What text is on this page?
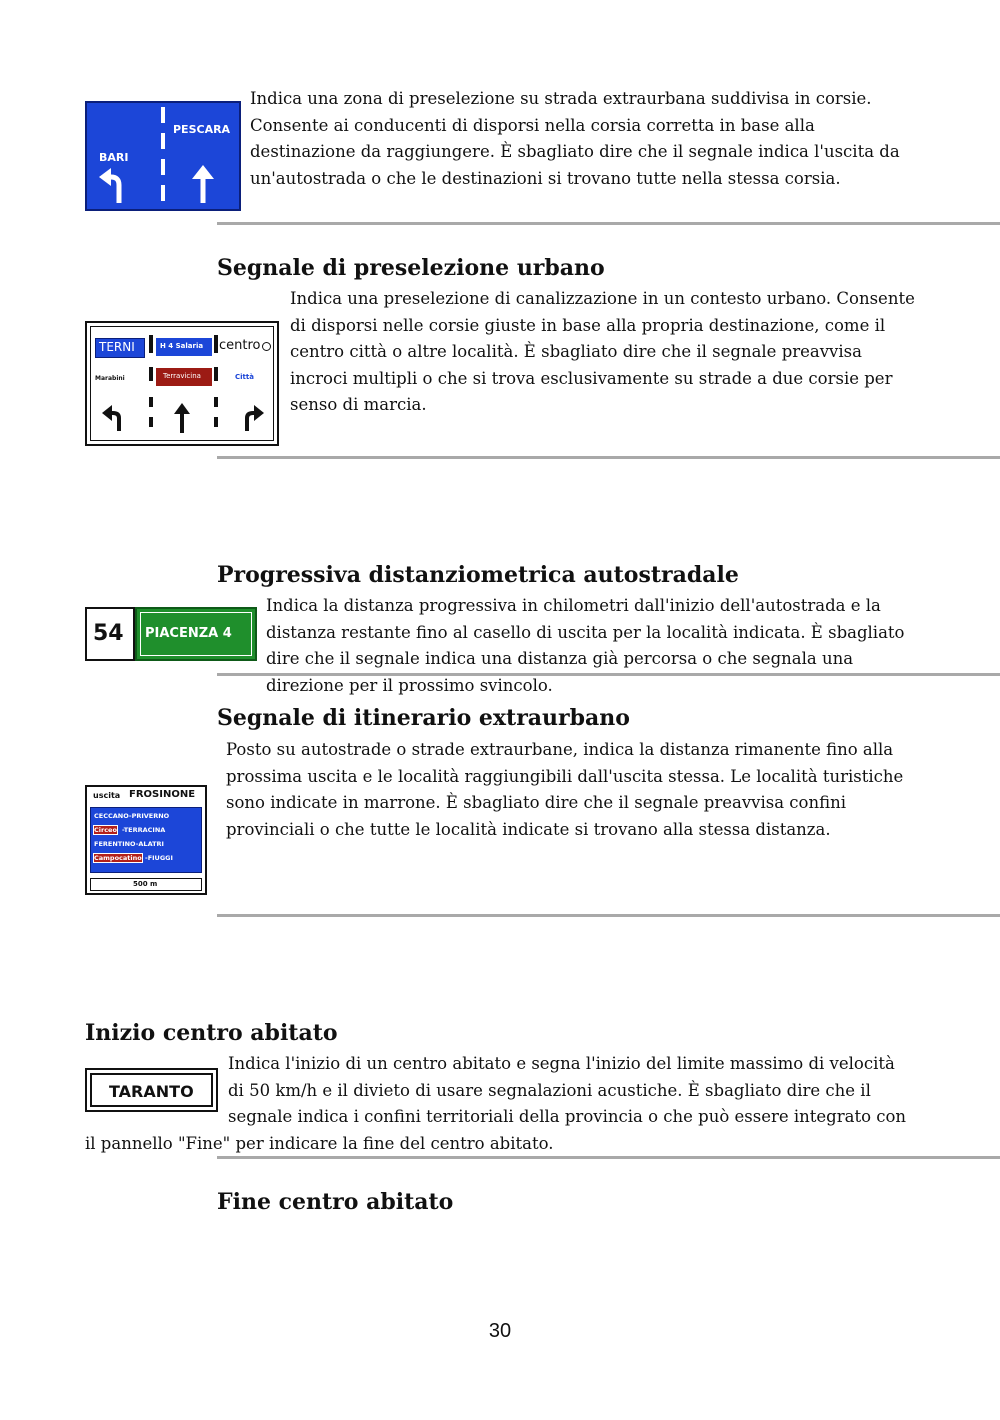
PESCARA
BARI
Indica una zona di preselezione su strada extraurbana suddivisa in corsie. Consente ai conducenti di disporsi nella corsia corretta in base alla destinazione da raggiungere. È sbagliato dire che il segnale indica l'uscita da un'autostrada o che le destinazioni si trovano tutte nella stessa corsia.
Segnale di preselezione urbano
TERNI	H 4 Salaria centro
Marabini	Terravicina	Città
Indica una preselezione di canalizzazione in un contesto urbano. Consente di disporsi nelle corsie giuste in base alla propria destinazione, come il centro città o altre località. È sbagliato dire che il segnale preavvisa incroci multipli o che si trova esclusivamente su strade a due corsie per senso di marcia.
Progressiva distanziometrica autostradale
54 PIACENZA 4
Indica la distanza progressiva in chilometri dall'inizio dell'autostrada e la distanza restante fino al casello di uscita per la località indicata. È sbagliato dire che il segnale indica una distanza già percorsa o che segnala una direzione per il prossimo svincolo.
Segnale di itinerario extraurbano
Posto su autostrade o strade extraurbane, indica la distanza rimanente fino alla prossima uscita e le località raggiungibili dall'uscita stessa. Le località turistiche sono indicate in marrone. È sbagliato dire che il segnale preavvisa confini provinciali o che tutte le località indicate si trovano alla stessa distanza.
uscita FROSINONE
CECCANO-PRIVERNO
Circeo -TERRACINA
FERENTINO-ALATRI
Campocatino -FIUGGI
500 m
Inizio centro abitato
TARANTO
Indica l'inizio di un centro abitato e segna l'inizio del limite massimo di velocità di 50 km/h e il divieto di usare segnalazioni acustiche. È sbagliato dire che il segnale indica i confini territoriali della provincia o che può essere integrato con il pannello "Fine" per indicare la fine del centro abitato.
Fine centro abitato
30
